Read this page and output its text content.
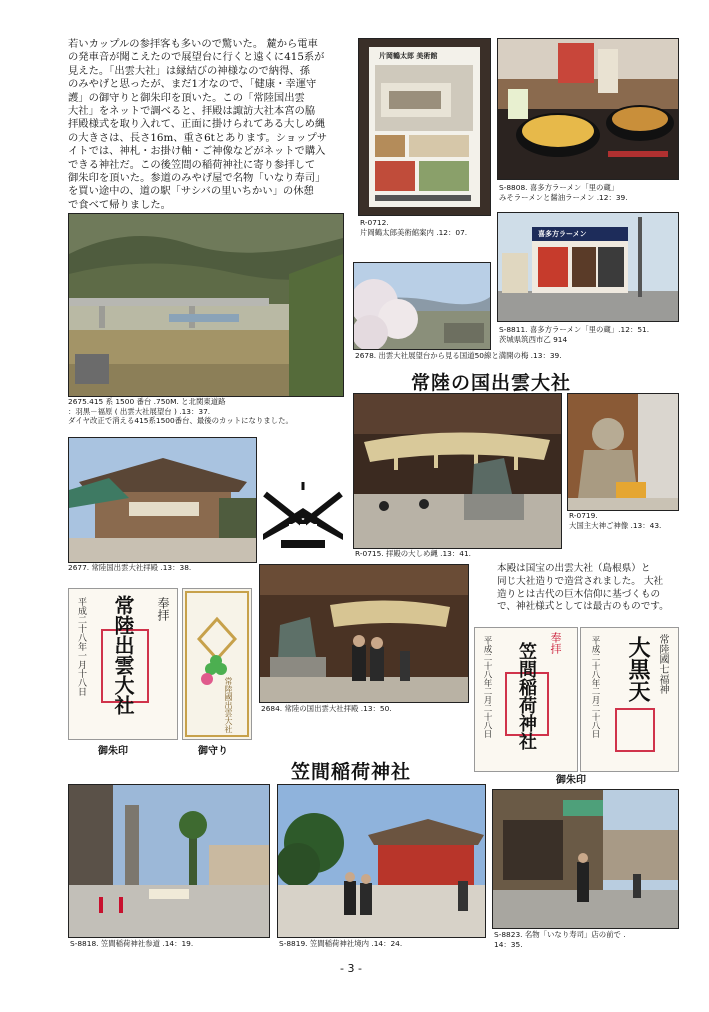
若いカップルの参拝客も多いので驚いた。 麓から電車
の発車音が聞こえたので展望台に行くと遠くに415系が
見えた。「出雲大社」は縁結びの神様なので納得、孫
のみやげと思ったが、まだ1才なので、「健康・幸運守
護」の御守りと御朱印を頂いた。この「常陸国出雲
大社」をネットで調べると、拝殿は諏訪大社本宮の脇
拝殿様式を取り入れて、正面に掛けられてある大しめ縄
の大きさは、長さ16m、重さ6tとあります。ショップサ
イトでは、神札・お掛け軸・ご神像などがネットで購入
できる神社だ。この後笠間の稲荷神社に寄り参拝して
御朱印を頂いた。参道のみやげ屋で名物「いなり寿司」
を買い途中の、道の駅「サシバの里いちかい」の休憩
で食べて帰りました。
片岡鶴太郎 美術館
R-0712.
片岡鶴太郎美術館案内 .12：07.
S-8808. 喜多方ラーメン「里の蔵」
みそラーメンと醤油ラーメン .12：39.
喜多方ラーメン
S-8811. 喜多方ラーメン「里の蔵」.12：51.
茨城県筑西市乙 914
2675.415 系 1500 番台 .750M. と北関東道路
：羽黒－福原 ( 出雲大社展望台 ) .13：37.
ダイヤ改正で消える415系1500番台、最後のカットになりました。
2678. 出雲大社展望台から見る国道50線と満開の梅 .13：39.
常陸の国出雲大社
R-0715. 拝殿の大しめ縄 .13：41.
R-0719.
大国主大神ご神像 .13：43.
2677. 常陸国出雲大社拝殿 .13：38.	本殿は国宝の出雲大社（島根県）と
同じ大社造りで造営されました。 大社
造りとは古代の巨木信仰に基づくもの
で、神社様式としては最古のものです。
2684. 常陸の国出雲大社拝殿 .13：50.
常陸出雲大社
平成二十八年一月十八日	奉拝
御朱印
常陸國出雲大社
御守り
笠間稲荷神社	奉拝
平成二十八年二月二十八日	大黒天 常陸國七福神
平成二十八年二月二十八日
御朱印
笠間稲荷神社
S-8818. 笠間稲荷神社参道 .14：19.	S-8819. 笠間稲荷神社境内 .14：24.
S-8823. 名物「いなり寿司」店の前で .
14：35.
- 3 -
